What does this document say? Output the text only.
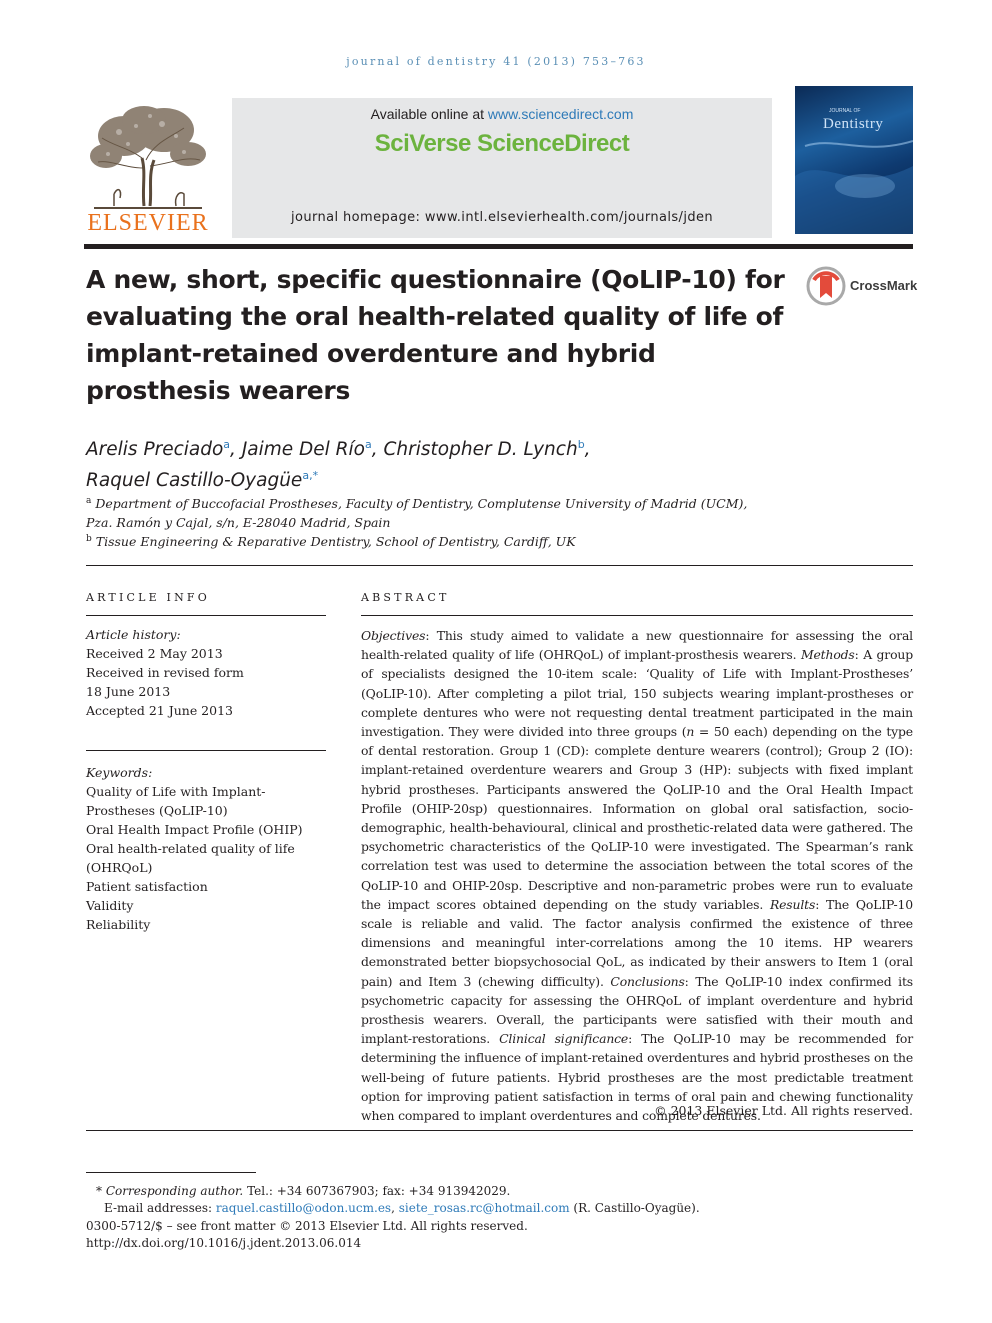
journal of dentistry 41 (2013) 753–763
ELSEVIER
Available online at www.sciencedirect.com
SciVerse ScienceDirect
journal homepage: www.intl.elsevierhealth.com/journals/jden
JOURNAL OF
Dentistry
A new, short, specific questionnaire (QoLIP-10) for evaluating the oral health-related quality of life of implant-retained overdenture and hybrid prosthesis wearers
CrossMark
Arelis Preciado$^a$, Jaime Del Río$^a$, Christopher D. Lynch$^b$,
Raquel Castillo-Oyagüe$^{a,*}$
$^a$ Department of Buccofacial Prostheses, Faculty of Dentistry, Complutense University of Madrid (UCM),
Pza. Ramón y Cajal, s/n, E-28040 Madrid, Spain
$^b$ Tissue Engineering & Reparative Dentistry, School of Dentistry, Cardiff, UK
ARTICLE INFO
Article history:
Received 2 May 2013
Received in revised form
18 June 2013
Accepted 21 June 2013
Keywords:
Quality of Life with Implant-
Prostheses (QoLIP-10)
Oral Health Impact Profile (OHIP)
Oral health-related quality of life
(OHRQoL)
Patient satisfaction
Validity
Reliability
ABSTRACT
Objectives: This study aimed to validate a new questionnaire for assessing the oral health-related quality of life (OHRQoL) of implant-prosthesis wearers. Methods: A group of specialists designed the 10-item scale: ‘Quality of Life with Implant-Prostheses’ (QoLIP-10). After completing a pilot trial, 150 subjects wearing implant-prostheses or complete dentures who were not requesting dental treatment participated in the main investigation. They were divided into three groups (n = 50 each) depending on the type of dental restoration. Group 1 (CD): complete denture wearers (control); Group 2 (IO): implant-retained overdenture wearers and Group 3 (HP): subjects with fixed implant hybrid prostheses. Participants answered the QoLIP-10 and the Oral Health Impact Profile (OHIP-20sp) questionnaires. Information on global oral satisfaction, socio-demographic, health-behavioural, clinical and prosthetic-related data were gathered. The psychometric characteristics of the QoLIP-10 were investigated. The Spearman’s rank correlation test was used to determine the association between the total scores of the QoLIP-10 and OHIP-20sp. Descriptive and non-parametric probes were run to evaluate the impact scores obtained depending on the study variables. Results: The QoLIP-10 scale is reliable and valid. The factor analysis confirmed the existence of three dimensions and meaningful inter-correlations among the 10 items. HP wearers demonstrated better biopsychosocial QoL, as indicated by their answers to Item 1 (oral pain) and Item 3 (chewing difficulty). Conclusions: The QoLIP-10 index confirmed its psychometric capacity for assessing the OHRQoL of implant overdenture and hybrid prosthesis wearers. Overall, the participants were satisfied with their mouth and implant-restorations. Clinical significance: The QoLIP-10 may be recommended for determining the influence of implant-retained overdentures and hybrid prostheses on the well-being of future patients. Hybrid prostheses are the most predictable treatment option for improving patient satisfaction in terms of oral pain and chewing functionality when compared to implant overdentures and complete dentures.
© 2013 Elsevier Ltd. All rights reserved.
* Corresponding author. Tel.: +34 607367903; fax: +34 913942029.
E-mail addresses: raquel.castillo@odon.ucm.es, siete_rosas.rc@hotmail.com (R. Castillo-Oyagüe).
0300-5712/$ – see front matter © 2013 Elsevier Ltd. All rights reserved.
http://dx.doi.org/10.1016/j.jdent.2013.06.014
